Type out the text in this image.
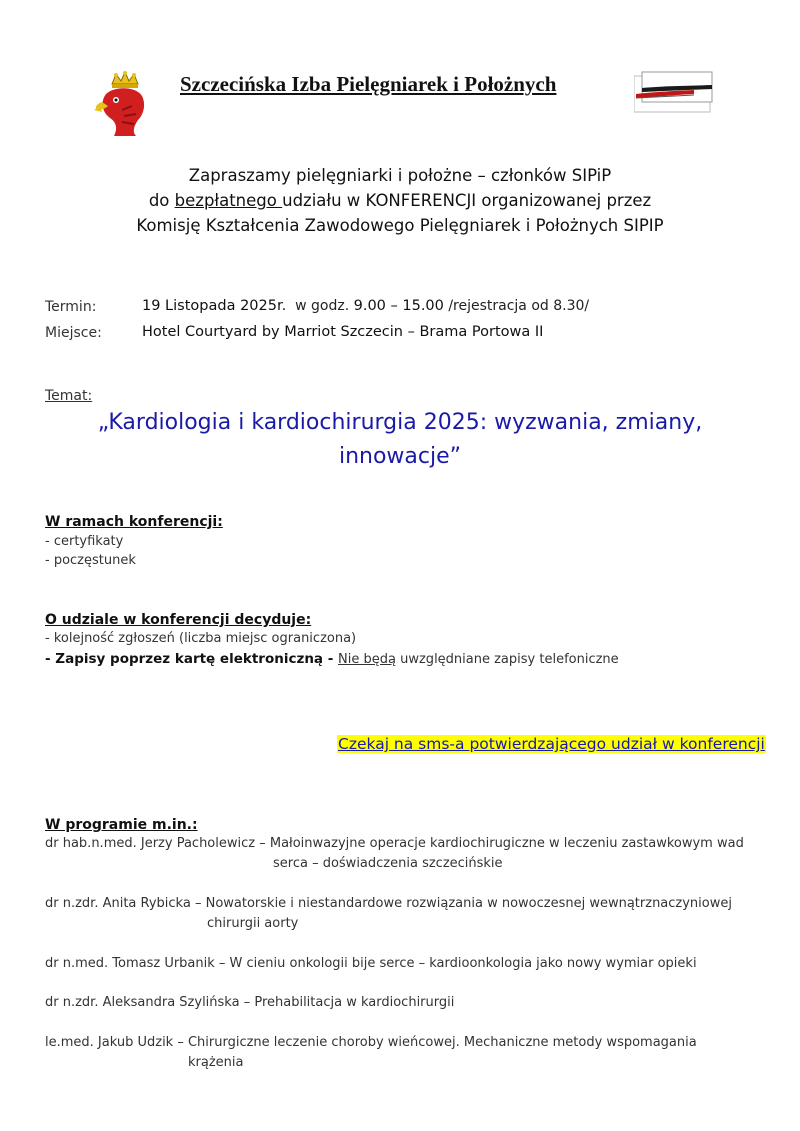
Szczecińska Izba Pielęgniarek i Położnych
Zapraszamy pielęgniarki i położne – członków SIPiP
do bezpłatnego udziału w KONFERENCJI organizowanej przez
Komisję Kształcenia Zawodowego Pielęgniarek i Położnych SIPIP
Termin:	19 Listopada 2025r.  w godz. 9.00 – 15.00 /rejestracja od 8.30/
Miejsce:	Hotel Courtyard by Marriot Szczecin – Brama Portowa II
Temat:
„Kardiologia i kardiochirurgia 2025: wyzwania, zmiany,
innowacje”
W ramach konferencji:
- certyfikaty
- poczęstunek
O udziale w konferencji decyduje:
- kolejność zgłoszeń (liczba miejsc ograniczona)
- Zapisy poprzez kartę elektroniczną - Nie będą uwzględniane zapisy telefoniczne
Czekaj na sms-a potwierdzającego udział w konferencji
W programie m.in.:
dr hab.n.med. Jerzy Pacholewicz – Małoinwazyjne operacje kardiochirugiczne w leczeniu zastawkowym wad
serca – doświadczenia szczecińskie
dr n.zdr. Anita Rybicka – Nowatorskie i niestandardowe rozwiązania w nowoczesnej wewnątrznaczyniowej
chirurgii aorty
dr n.med. Tomasz Urbanik – W cieniu onkologii bije serce – kardioonkologia jako nowy wymiar opieki
dr n.zdr. Aleksandra Szylińska – Prehabilitacja w kardiochirurgii
le.med. Jakub Udzik – Chirurgiczne leczenie choroby wieńcowej. Mechaniczne metody wspomagania
krążenia
